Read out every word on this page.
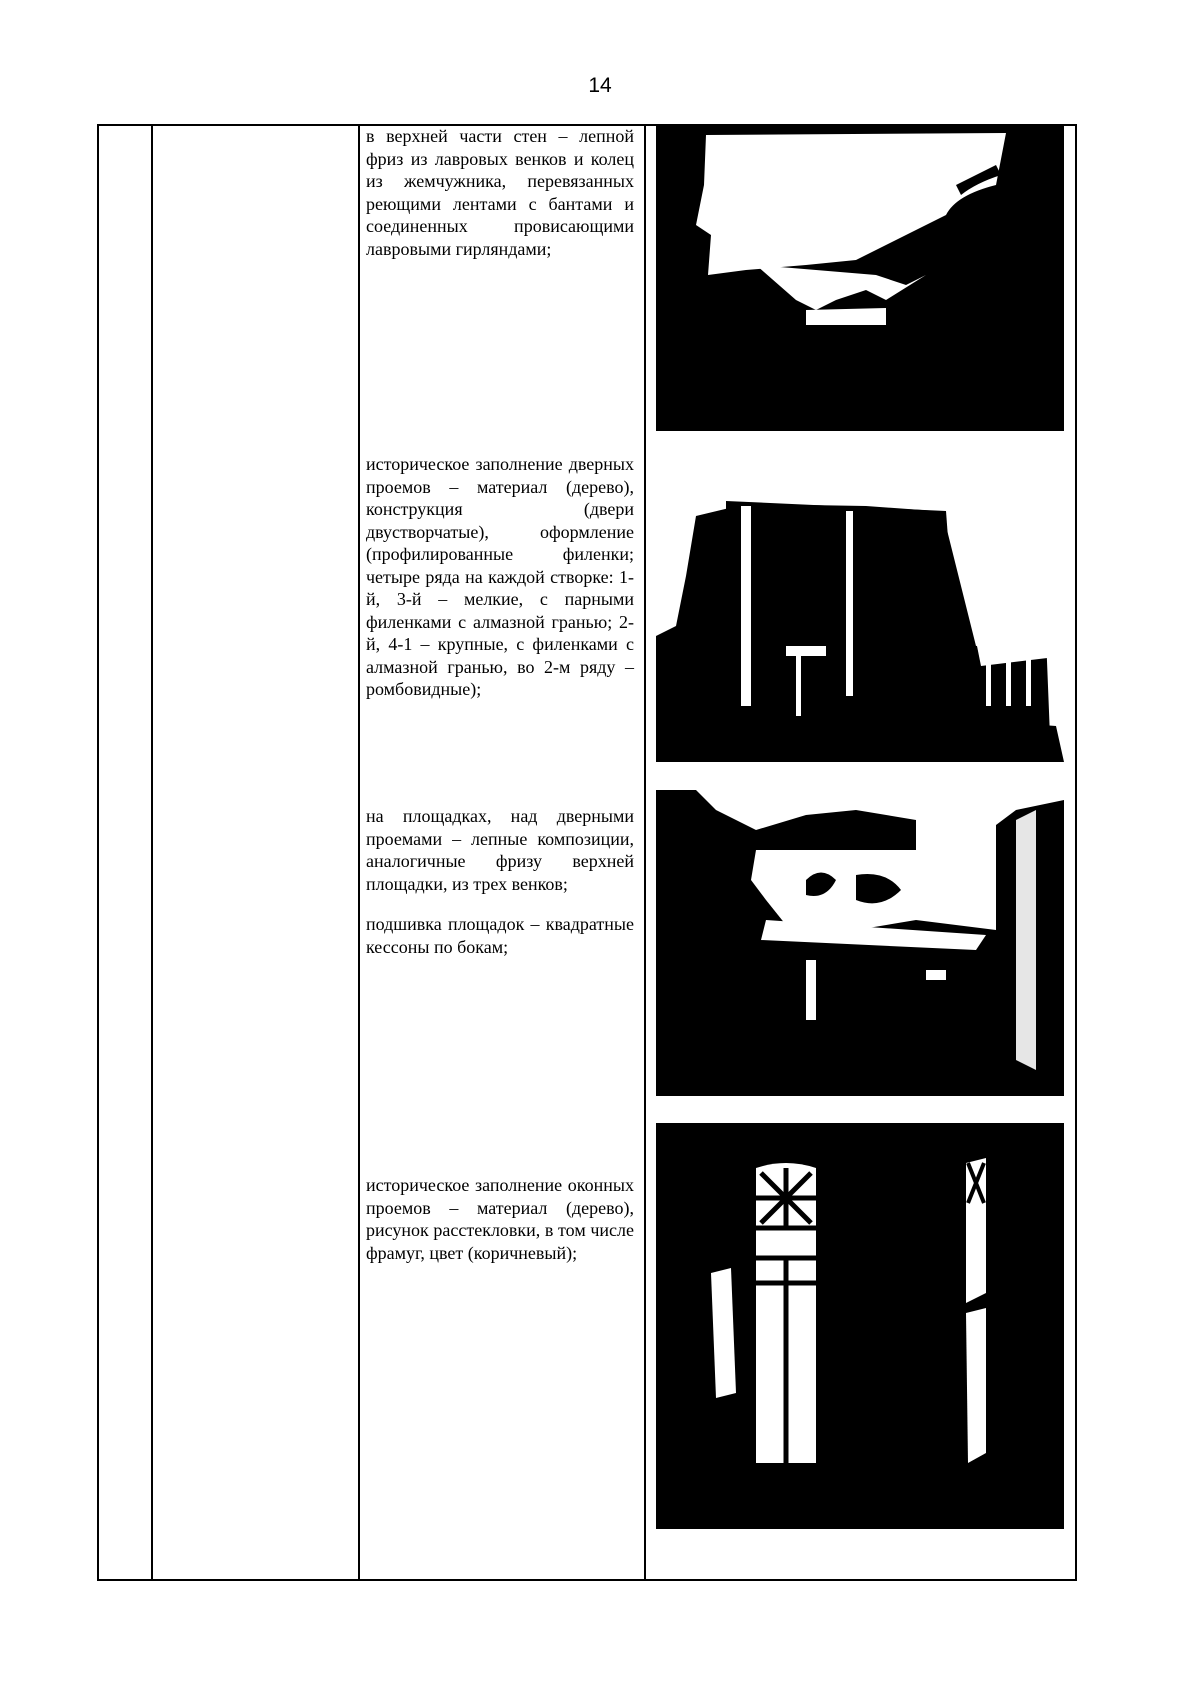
14

в верхней части стен – лепной фриз из лавровых венков и колец из жемчужника, перевязанных реющими лентами с бантами и соединенных провисающими лавровыми гирляндами;

историческое заполнение дверных проемов – материал (дерево), конструкция (двери двустворчатые), оформление (профилированные филенки; четыре ряда на каждой створке: 1-й, 3-й – мелкие, с парными филенками с алмазной гранью; 2-й, 4-1 – крупные, с филенками с алмазной гранью, во 2-м ряду – ромбовидные);

на площадках, над дверными проемами – лепные композиции, аналогичные фризу верхней площадки, из трех венков;

подшивка площадок – квадратные кессоны по бокам;

историческое заполнение оконных проемов – материал (дерево), рисунок расстекловки, в том числе фрамуг, цвет (коричневый);
